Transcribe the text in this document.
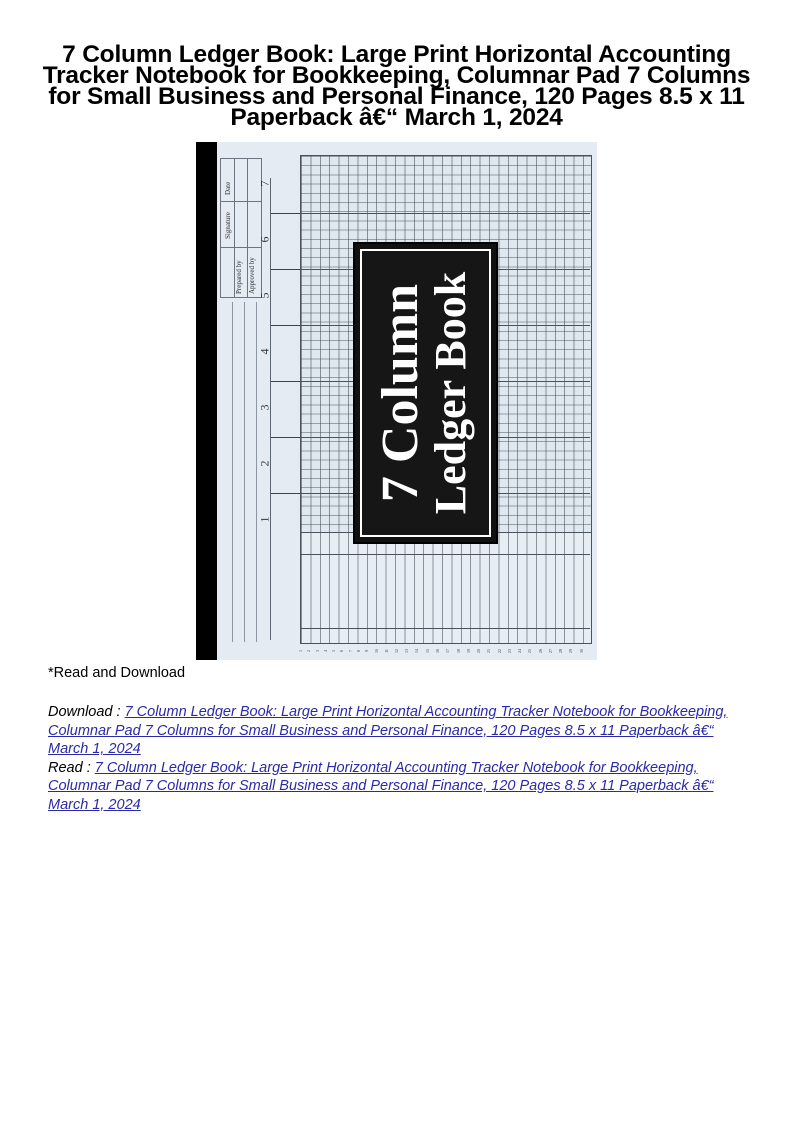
7 Column Ledger Book: Large Print Horizontal Accounting Tracker Notebook for Bookkeeping, Columnar Pad 7 Columns for Small Business and Personal Finance, 120 Pages 8.5 x 11 Paperback â€“ March 1, 2024
Prepared by Approved by
Signature
Date
1
2
3
4
5
6
7
7 Column
Ledger Book
1 2 3 4 5 6 7 8 9	10	11	12	13	14	15	16	17	18	19	20	21	22	23	24	25	26	27	28	29	30
*Read and Download
Download : 7 Column Ledger Book: Large Print Horizontal Accounting Tracker Notebook for Bookkeeping, Columnar Pad 7 Columns for Small Business and Personal Finance, 120 Pages 8.5 x 11 Paperback â€“ March 1, 2024
Read : 7 Column Ledger Book: Large Print Horizontal Accounting Tracker Notebook for Bookkeeping, Columnar Pad 7 Columns for Small Business and Personal Finance, 120 Pages 8.5 x 11 Paperback â€“ March 1, 2024
